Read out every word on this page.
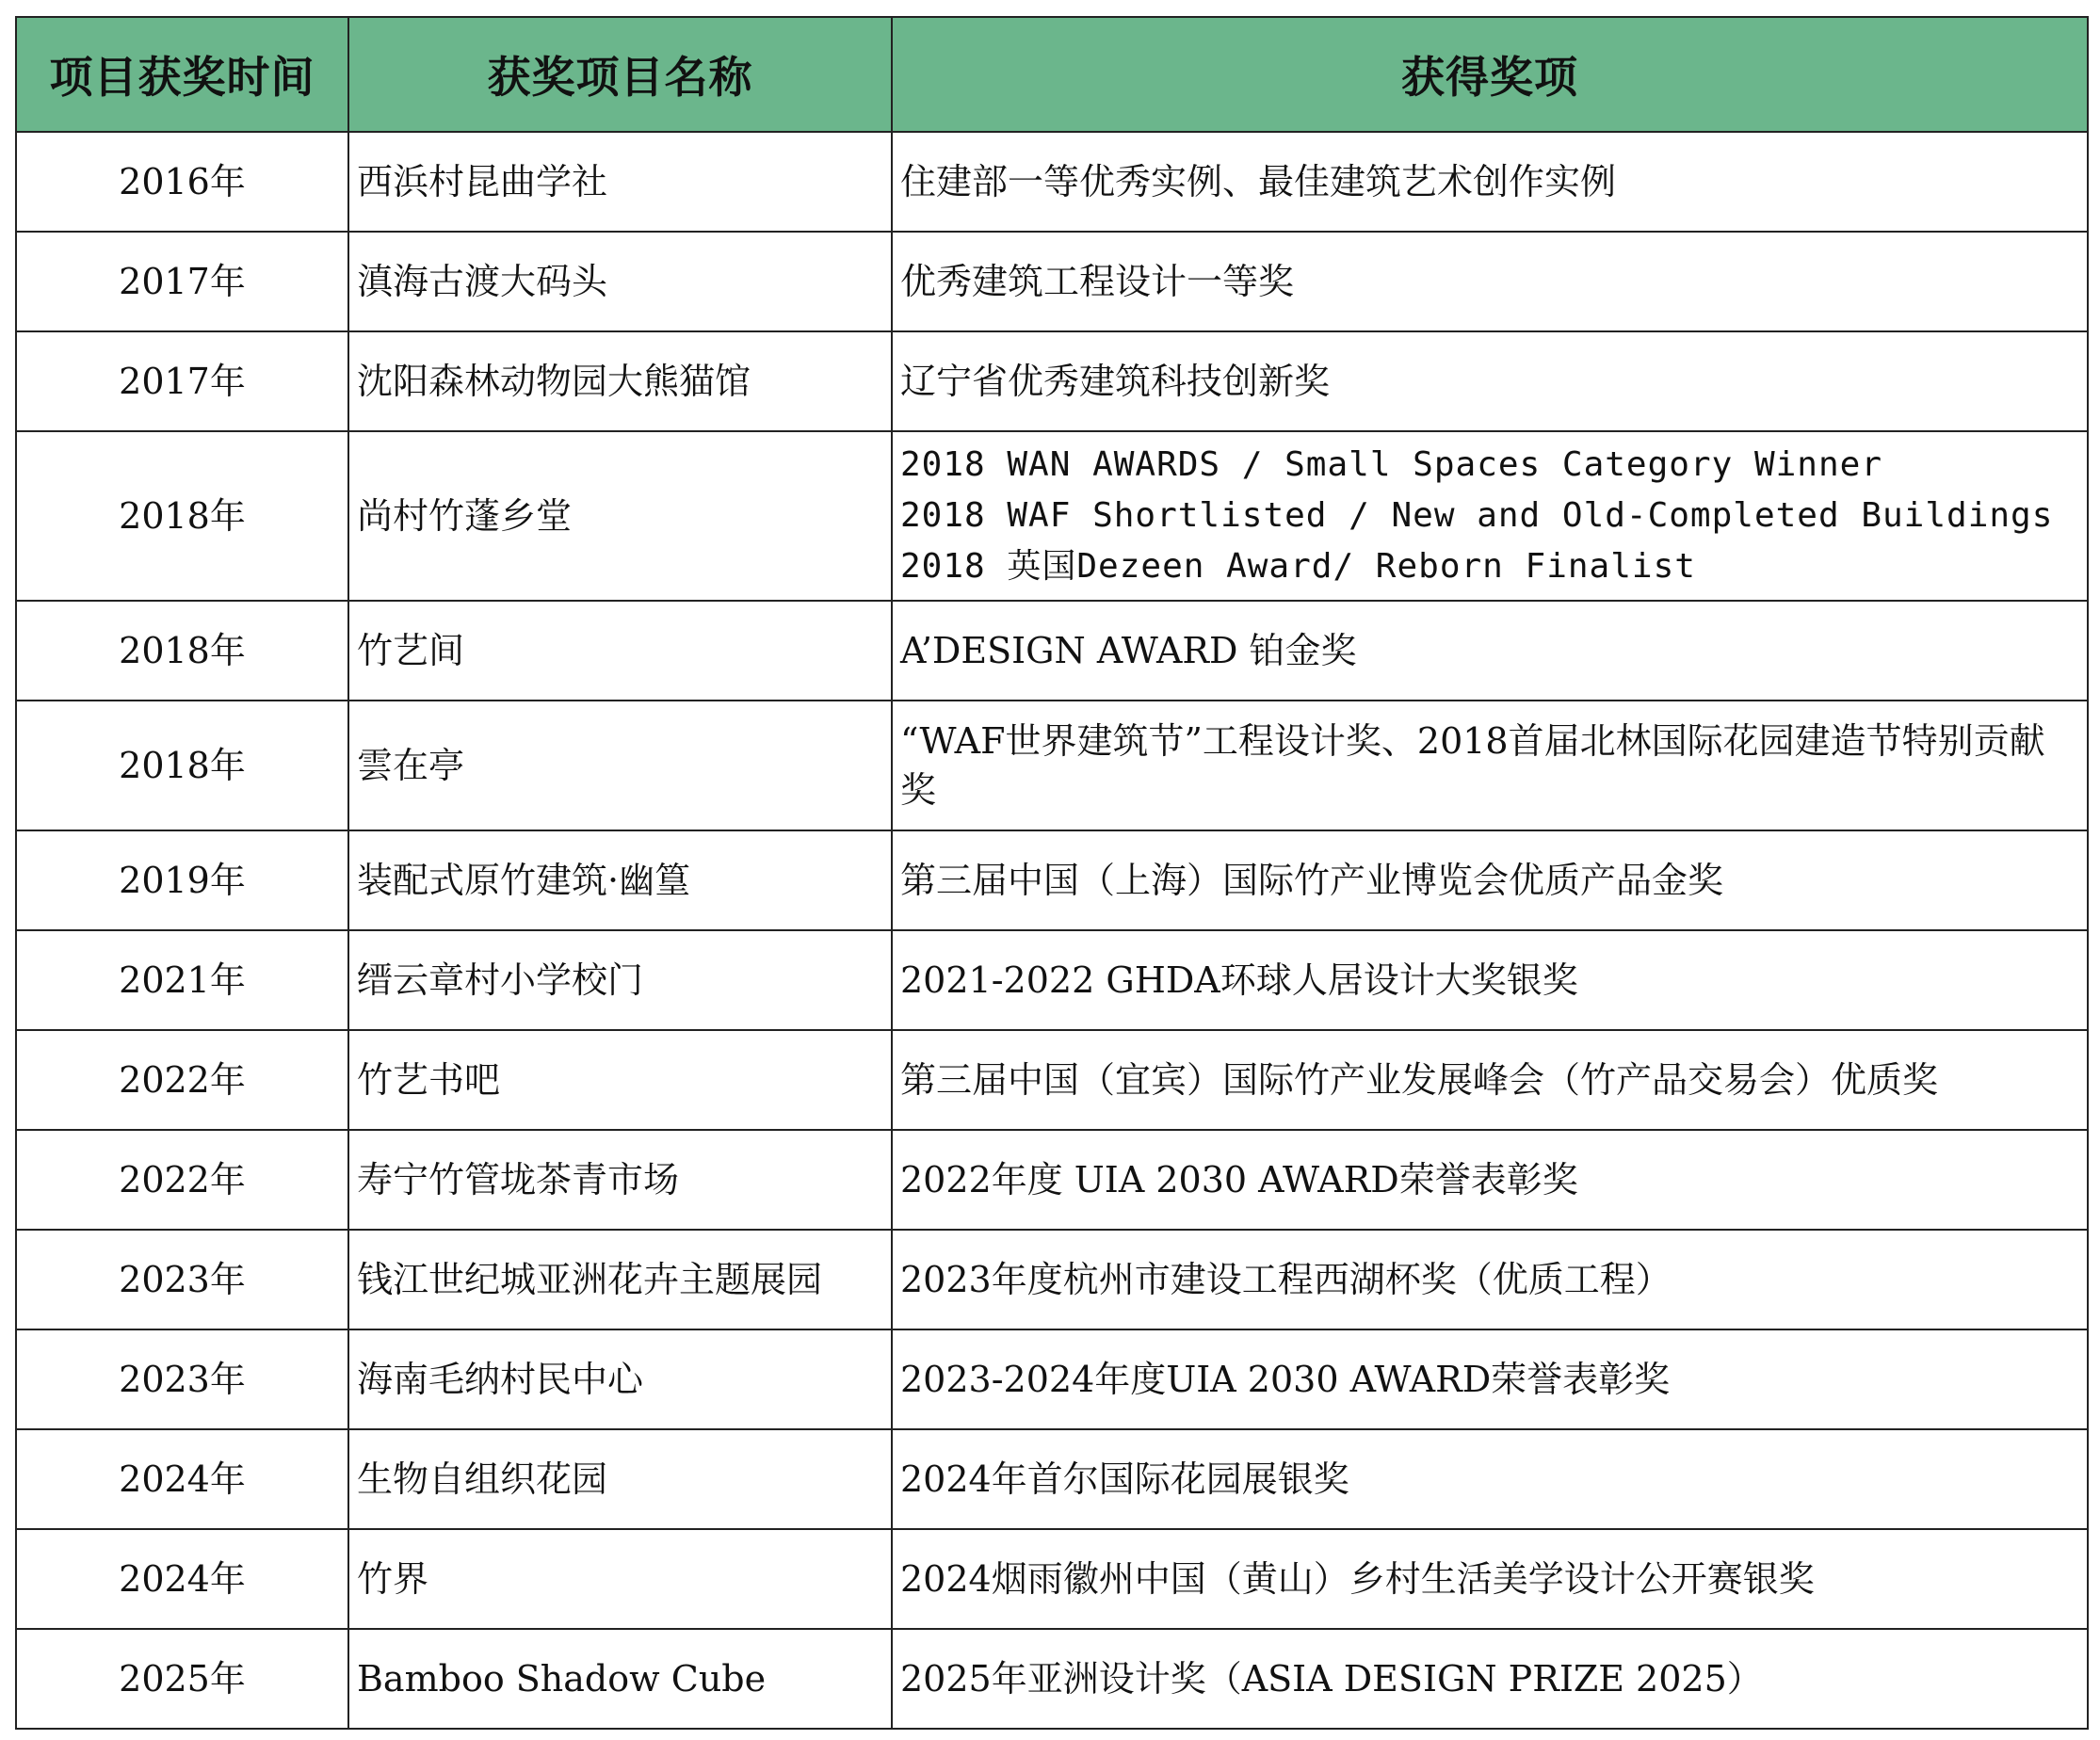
项目获奖时间	获奖项目名称	获得奖项
2016年	西浜村昆曲学社	住建部一等优秀实例、最佳建筑艺术创作实例

2017年	滇海古渡大码头	优秀建筑工程设计一等奖

2017年	沈阳森林动物园大熊猫馆	辽宁省优秀建筑科技创新奖

2018年	尚村竹蓬乡堂	2018 WAN AWARDS / Small Spaces Category Winner
2018 WAF Shortlisted / New and Old-Completed Buildings
2018 英国Dezeen Award/ Reborn Finalist

2018年	竹艺间	A’DESIGN AWARD 铂金奖

2018年	雲在亭	“WAF世界建筑节”工程设计奖、2018首届北林国际花园建造节特别贡献奖

2019年	装配式原竹建筑·幽篁	第三届中国（上海）国际竹产业博览会优质产品金奖

2021年	缙云章村小学校门	2021-2022 GHDA环球人居设计大奖银奖

2022年	竹艺书吧	第三届中国（宜宾）国际竹产业发展峰会（竹产品交易会）优质奖

2022年	寿宁竹管垅茶青市场	2022年度 UIA 2030 AWARD荣誉表彰奖

2023年	钱江世纪城亚洲花卉主题展园	2023年度杭州市建设工程西湖杯奖（优质工程）

2023年	海南毛纳村民中心	2023-2024年度UIA 2030 AWARD荣誉表彰奖

2024年	生物自组织花园	2024年首尔国际花园展银奖

2024年	竹界	2024烟雨徽州中国（黄山）乡村生活美学设计公开赛银奖

2025年	Bamboo Shadow Cube	2025年亚洲设计奖（ASIA DESIGN PRIZE 2025）
